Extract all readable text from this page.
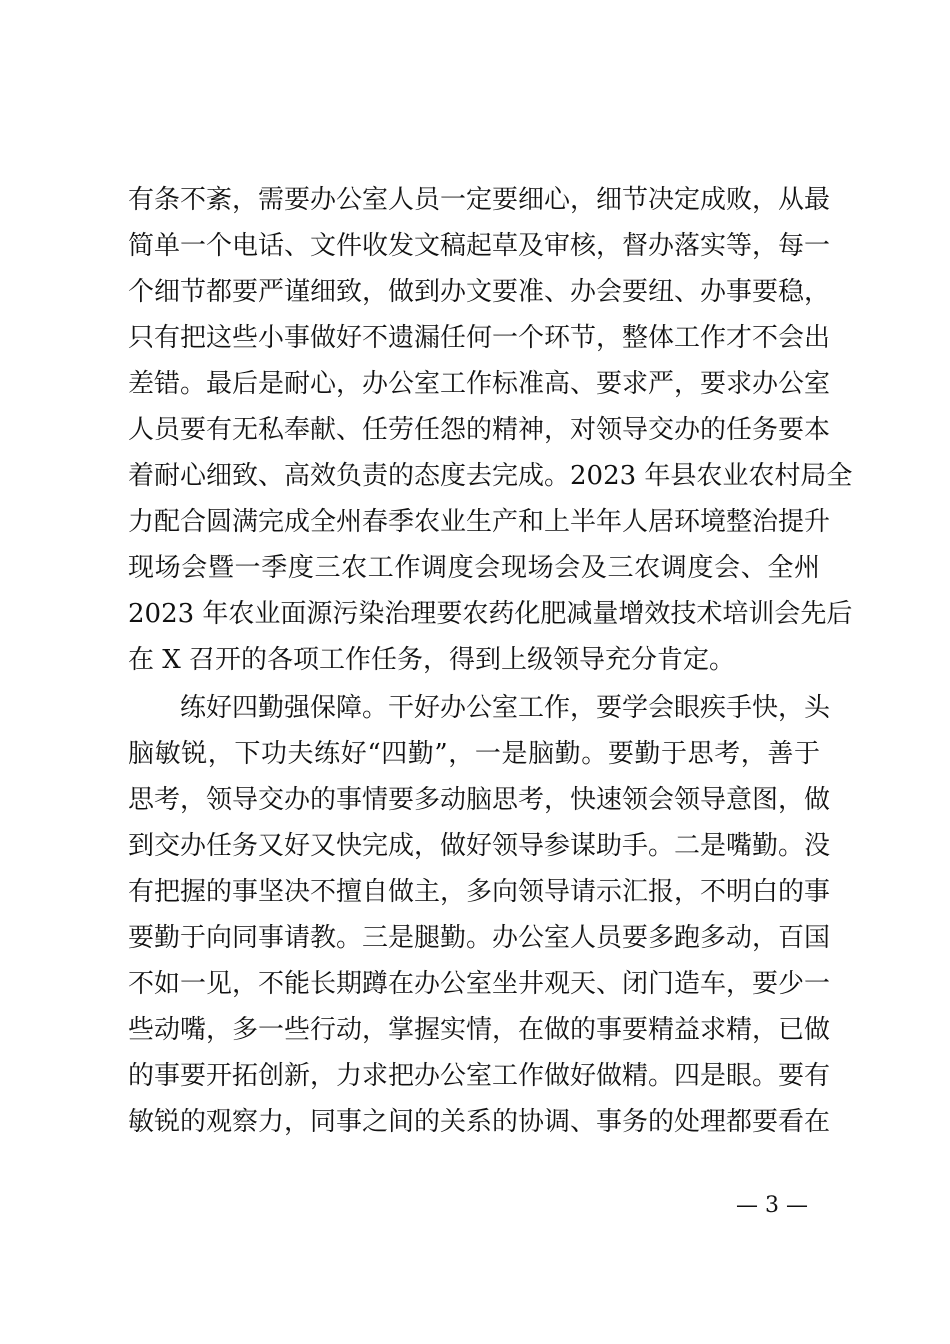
有条不紊，需要办公室人员一定要细心，细节决定成败，从最
简单一个电话、文件收发文稿起草及审核，督办落实等，每一
个细节都要严谨细致，做到办文要准、办会要纽、办事要稳，
只有把这些小事做好不遗漏任何一个环节，整体工作才不会出
差错。最后是耐心，办公室工作标准高、要求严，要求办公室
人员要有无私奉献、任劳任怨的精神，对领导交办的任务要本
着耐心细致、高效负责的态度去完成。2023 年县农业农村局全
力配合圆满完成全州春季农业生产和上半年人居环境整治提升
现场会暨一季度三农工作调度会现场会及三农调度会、全州
2023 年农业面源污染治理要农药化肥减量增效技术培训会先后
在 X 召开的各项工作任务，得到上级领导充分肯定。
练好四勤强保障。干好办公室工作，要学会眼疾手快，头
脑敏锐，下功夫练好“四勤”，一是脑勤。要勤于思考，善于
思考，领导交办的事情要多动脑思考，快速领会领导意图，做
到交办任务又好又快完成，做好领导参谋助手。二是嘴勤。没
有把握的事坚决不擅自做主，多向领导请示汇报，不明白的事
要勤于向同事请教。三是腿勤。办公室人员要多跑多动，百国
不如一见，不能长期蹲在办公室坐井观天、闭门造车，要少一
些动嘴，多一些行动，掌握实情，在做的事要精益求精，已做
的事要开拓创新，力求把办公室工作做好做精。四是眼。要有
敏锐的观察力，同事之间的关系的协调、事务的处理都要看在
— 3 —
